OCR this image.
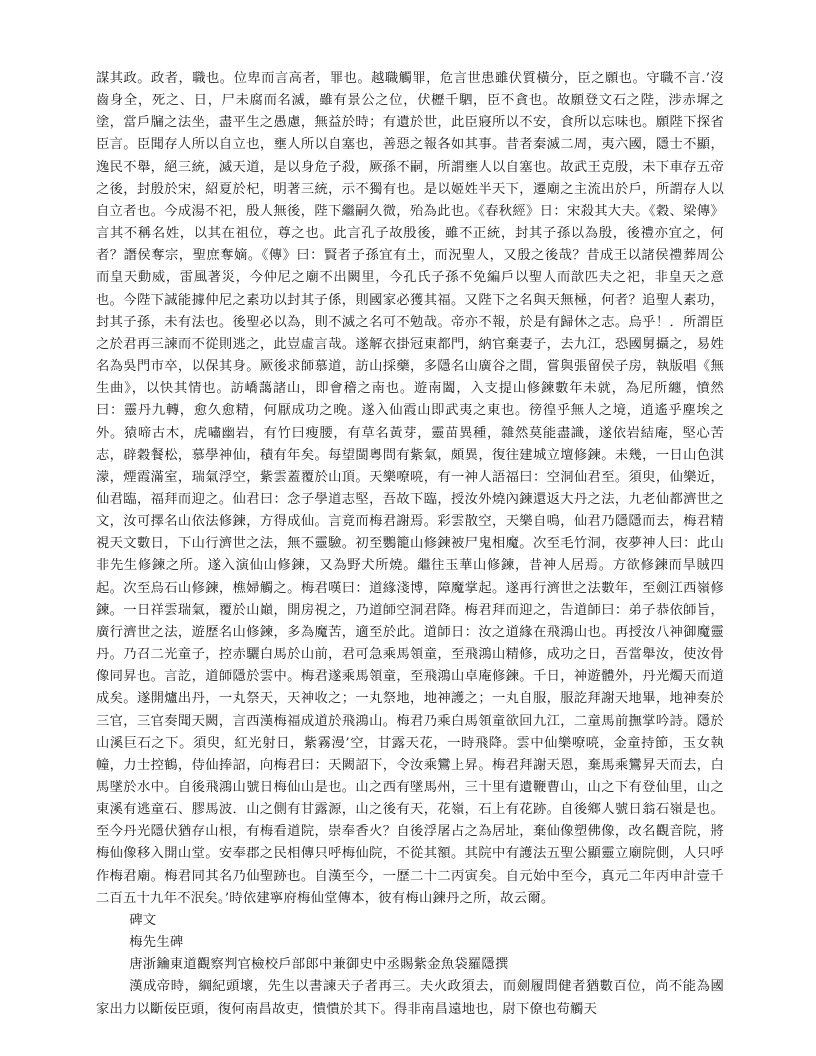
謀其政。政者，職也。位卑而言高者，罪也。越職觸罪，危言世患雖伏質橫分，臣之願也。守職不言.’沒齒身全，死之、日，尸未腐而名滅，雖有景公之位，伏櫪千駟，臣不貪也。故願登文石之陛，涉赤墀之塗，當戶牖之法坐，盡平生之愚慮，無益於時；有遺於世，此臣寢所以不安，食所以忘味也。願陛下探省臣言。臣聞存人所以自立也，壅人所以自塞也，善惡之報各如其事。昔者秦滅二周，夷六國，隱士不顯，逸民不舉，絕三統，滅天道，是以身危子殺，厥孫不嗣，所謂壅人以自塞也。故武王克殷，未下車存五帝之後，封殷於宋，紹夏於杞，明著三統，示不獨有也。是以姬姓半天下，遷廟之主流出於戶，所謂存人以自立者也。今成湯不祀，殷人無後，陛下繼嗣久微，殆為此也。《春秋經》日：宋殺其大夫。《穀、梁傳》言其不稱名姓，以其在祖位，尊之也。此言孔子故殷後，雖不正統，封其子孫以為殷，後禮亦宜之，何者？譖侯奪宗，聖庶奪嫡。《傳》曰：賢者子孫宜有土，而況聖人，又殷之後哉？昔成王以諸侯禮葬周公而皇天動威，雷風著災，今仲尼之廟不出闕里，今孔氏子孫不免編戶以聖人而歆匹夫之祀，非皇天之意也。今陛下誠能據仲尼之素功以封其子係，則國家必獲其福。又陛下之名與天無極，何者？追聖人素功，封其子孫，未有法也。後聖必以為，則不滅之名可不勉哉。帝亦不報，於是有歸休之志。烏乎！．所謂臣之於君再三諫而不從則逃之，此豈虛言哉。遂解衣掛冠東都門，納官棄妻子，去九江，恐國舅攝之，易姓名為吳門市卒，以保其身。厥後求師慕道，訪山採藥，多隱名山廣谷之間，嘗與張留侯子房，執版唱《無生曲》，以快其情也。訪嶠藹諸山，即會稽之南也。遊南闔，入支提山修鍊數年未就，為尼所纏，憤然曰：靈丹九轉，愈久愈精，何厭成功之晚。遂入仙霞山即武夷之東也。徬徨乎無人之境，逍遙乎塵埃之外。猿啼古木，虎嘯幽岩，有竹曰瘦腰，有草名黃芽，靈苗異種，雜然莫能盡識，遂依岩結庵，堅心苦志，辟穀餐松，慕學神仙，積有年矣。每望閩粵問有紫氣，頗異，復往建城立壇修鍊。未幾，一日山色淇濛，煙霞滿室，瑞氣浮空，紫雲蓋覆於山頂。天樂嘹喨，有一神人語福曰：空洞仙君至。須臾，仙樂近，仙君臨，福拜而迎之。仙君曰：念子學道志堅，吾故下臨，授汝外燒內鍊還返大丹之法，九老仙都濟世之文，汝可擇名山依法修鍊，方得成仙。言竟而梅君謝焉。彩雲散空，天樂自鳴，仙君乃隱隱而去，梅君精視天文數日，下山行濟世之法，無不靈驗。初至鸚籠山修鍊被尸鬼相魔。次至毛竹洞，夜夢神人曰：此山非先生修鍊之所。遂入演仙山修鍊，又為野犬所燒。繼往玉華山修鍊，昔神人居焉。方欲修鍊而旱賊四起。次至烏石山修鍊，樵婦觸之。梅君嘆曰：道緣淺博，障魔掌起。遂再行濟世之法數年，至劍江西嶺修鍊。一日祥雲瑞氣，覆於山巔，開房視之，乃道師空洞君降。梅君拜而迎之，告道師曰：弟子恭依師旨，廣行濟世之法，遊歷名山修鍊，多為魔苦，適至於此。道師日：汝之道緣在飛鴻山也。再授汝八神御魔靈丹。乃召二光童子，控赤驪白馬於山前，君可急乘馬領童，至飛鴻山精修，成功之日，吾當舉汝，使汝骨像同昇也。言訖，道師隱於雲中。梅君遂乘馬領童，至飛鴻山卓庵修鍊。千日，神遊體外，丹光燭天而道成矣。遂開爐出丹，一丸祭天，天神收之；一丸祭地，地神護之；一丸自服，服訖拜謝天地畢，地神奏於三官，三官奏聞天闕，言西漢梅福成道於飛鴻山。梅君乃乘白馬領童欲回九江，二童馬前撫掌吟詩。隱於山溪巨石之下。須臾，紅光射日，紫霧漫’空，甘露天花，一時飛降。雲中仙樂嘹喨，金童持節，玉女執幢，力士控鶴，侍仙捧詔，向梅君曰：天闕詔下，令汝乘鸞上昇。梅君拜謝天恩，棄馬乘鸞昇天而去，白馬墜於水中。自後飛鴻山號日梅仙山是也。山之西有墜馬州，三十里有遺鞭曹山，山之下有登仙里，山之東溪有逃童石、膠馬波．山之側有甘露源，山之後有天，花嶺，石上有花跡。自後鄉人號日翁石嶺是也。至今丹光隱伏猶存山根，有梅看道院，崇奉香火？自後浮屠占之為居址，棄仙像塑佛像，改名觀音院，將梅仙像移入開山堂。安奉郡之民相傳只呼梅仙院，不從其額。其院中有護法五聖公顯靈立廟院側，人只呼作梅君廟。梅君同其名乃仙聖跡也。自漢至今，一歷二十二丙寅矣。自元始中至今，真元二年丙申計壹千二百五十九年不泯矣。’時依建寧府梅仙堂傳本，彼有梅山鍊丹之所，故云爾。

碑文

梅先生碑

唐浙鑰東道觀察判官檢校戶部郎中兼御史中丞賜紫金魚袋羅隱撰

漢成帝時，綱紀頭壞，先生以書諫天子者再三。夫火政須去，而劍履問健者猶數百位，尚不能為國家出力以斷佞臣頭，復何南昌故吏，憒憒於其下。得非南昌遠地也，尉下僚也苟觸天
